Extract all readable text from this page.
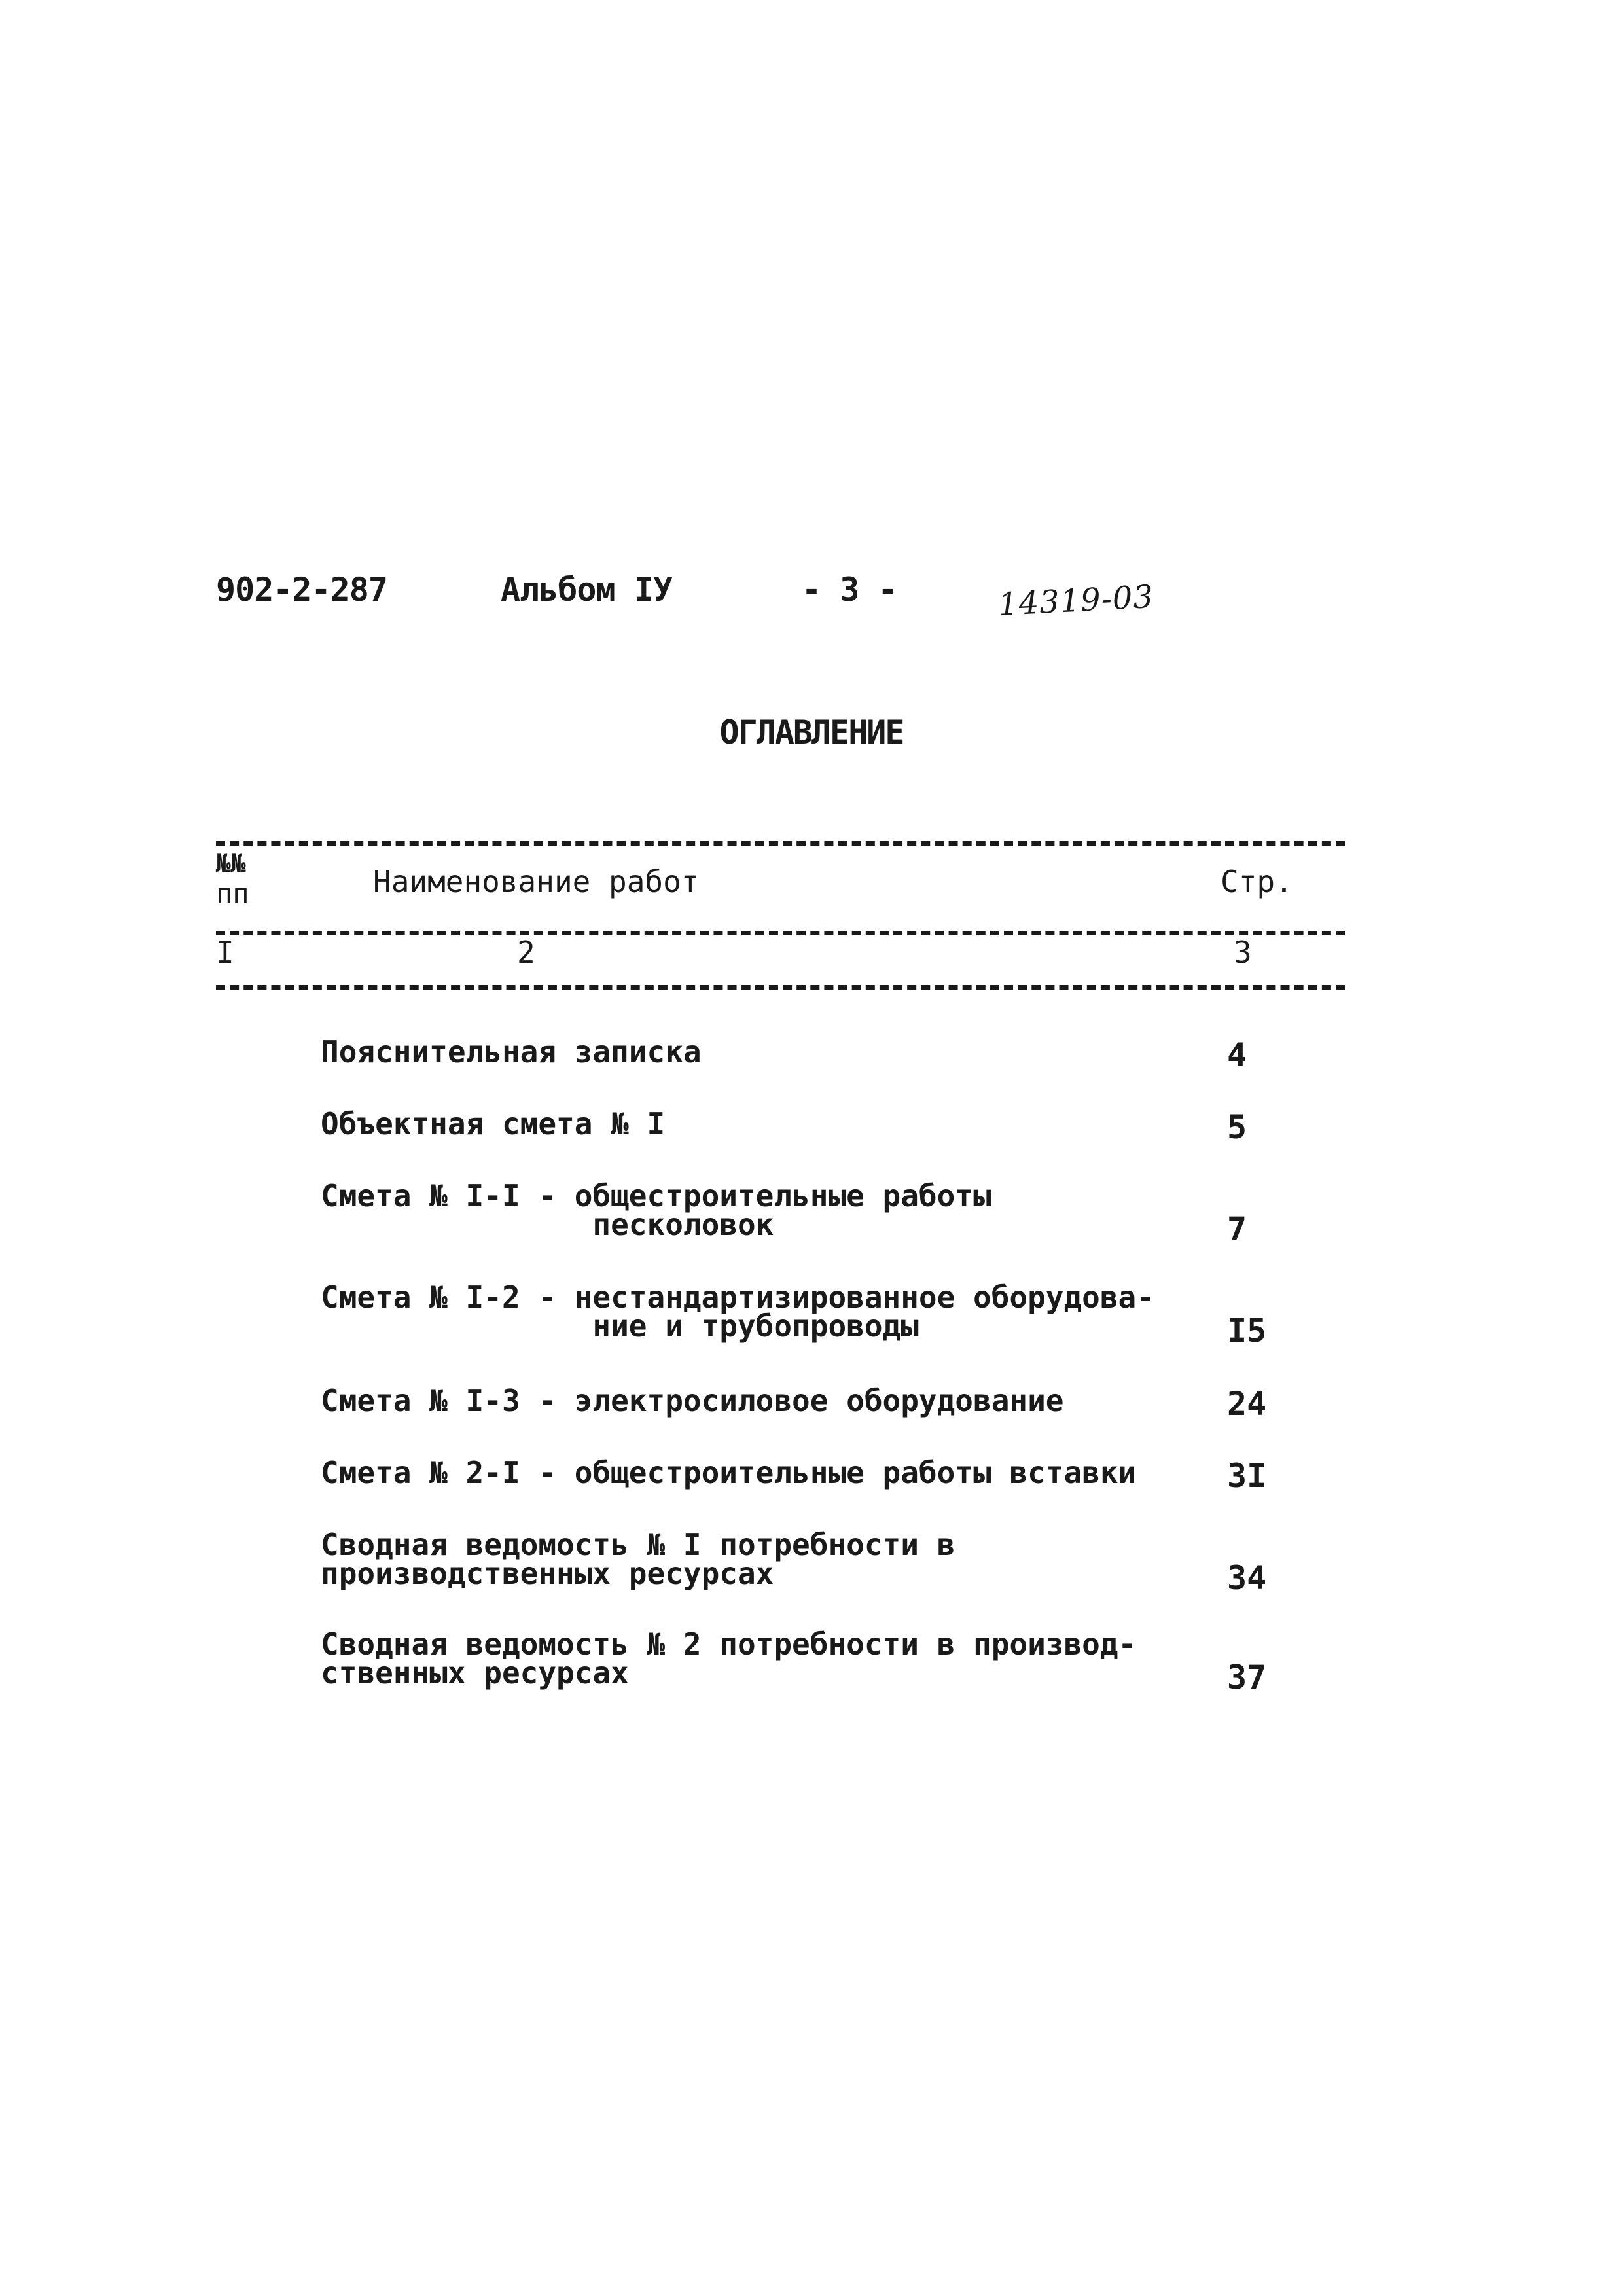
902-2-287	Альбом IУ	- 3 -	14319-03
ОГЛАВЛЕНИЕ
№№
пп	Наименование работ	Стр.
I	2	3
Пояснительная записка	4
Объектная смета № I	5
Смета № I-I - общестроительные работы
песколовок	7
Смета № I-2 - нестандартизированное оборудова-
ние и трубопроводы	I5
Смета № I-3 - электросиловое оборудование	24
Смета № 2-I - общестроительные работы вставки	3I
Сводная ведомость № I потребности в
производственных ресурсах	34
Сводная ведомость № 2 потребности в производ-
ственных ресурсах	37
